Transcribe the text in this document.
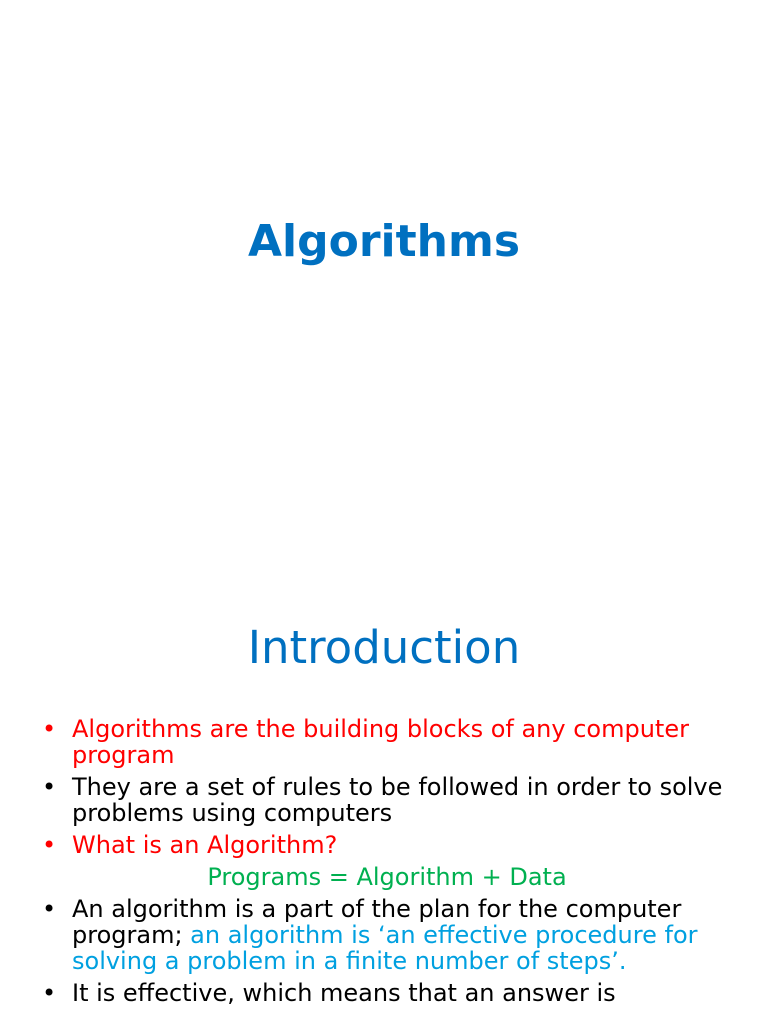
Algorithms
Introduction
• Algorithms are the building blocks of any computer program
• They are a set of rules to be followed in order to solve problems using computers
• What is an Algorithm?
Programs = Algorithm + Data
• An algorithm is a part of the plan for the computer program; an algorithm is ‘an effective procedure for solving a problem in a finite number of steps’.
• It is effective, which means that an answer is
